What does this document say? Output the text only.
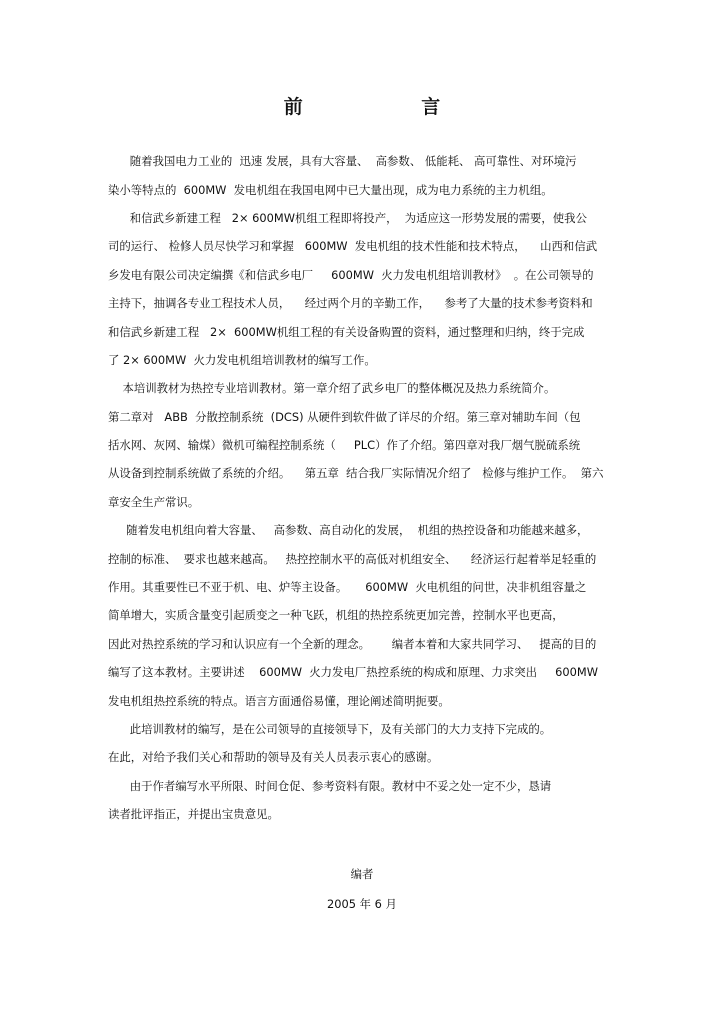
前 言
随着我国电力工业的  迅速 发展，具有大容量、  高参数、 低能耗、 高可靠性、对环境污
染小等特点的  600MW  发电机组在我国电网中已大量出现，成为电力系统的主力机组。
和信武乡新建工程   2× 600MW机组工程即将投产，  为适应这一形势发展的需要，使我公
司的运行、 检修人员尽快学习和掌握   600MW  发电机组的技术性能和技术特点，    山西和信武
乡发电有限公司决定编撰《和信武乡电厂     600MW  火力发电机组培训教材》  。在公司领导的
主持下，抽调各专业工程技术人员，    经过两个月的辛勤工作，    参考了大量的技术参考资料和
和信武乡新建工程   2×  600MW机组工程的有关设备购置的资料，通过整理和归纳，终于完成
了 2× 600MW  火力发电机组培训教材的编写工作。
本培训教材为热控专业培训教材。第一章介绍了武乡电厂的整体概况及热力系统简介。
第二章对   ABB  分散控制系统  (DCS) 从硬件到软件做了详尽的介绍。第三章对辅助车间（包
括水网、灰网、输煤）微机可编程控制系统（     PLC）作了介绍。第四章对我厂烟气脱硫系统
从设备到控制系统做了系统的介绍。    第五章  结合我厂实际情况介绍了   检修与维护工作。  第六
章安全生产常识。
随着发电机组向着大容量、   高参数、高自动化的发展，  机组的热控设备和功能越来越多，
控制的标准、  要求也越来越高。   热控控制水平的高低对机组安全、    经济运行起着举足轻重的
作用。其重要性已不亚于机、电、炉等主设备。     600MW  火电机组的问世，决非机组容量之
简单增大，实质含量变引起质变之一种飞跃，机组的热控系统更加完善，控制水平也更高，
因此对热控系统的学习和认识应有一个全新的理念。      编者本着和大家共同学习、   提高的目的
编写了这本教材。主要讲述    600MW  火力发电厂热控系统的构成和原理、力求突出     600MW
发电机组热控系统的特点。语言方面通俗易懂，理论阐述简明扼要。
此培训教材的编写，是在公司领导的直接领导下，及有关部门的大力支持下完成的。
在此，对给予我们关心和帮助的领导及有关人员表示衷心的感谢。
由于作者编写水平所限、时间仓促、参考资料有限。教材中不妥之处一定不少，恳请
读者批评指正，并提出宝贵意见。
编者
2005 年 6 月
